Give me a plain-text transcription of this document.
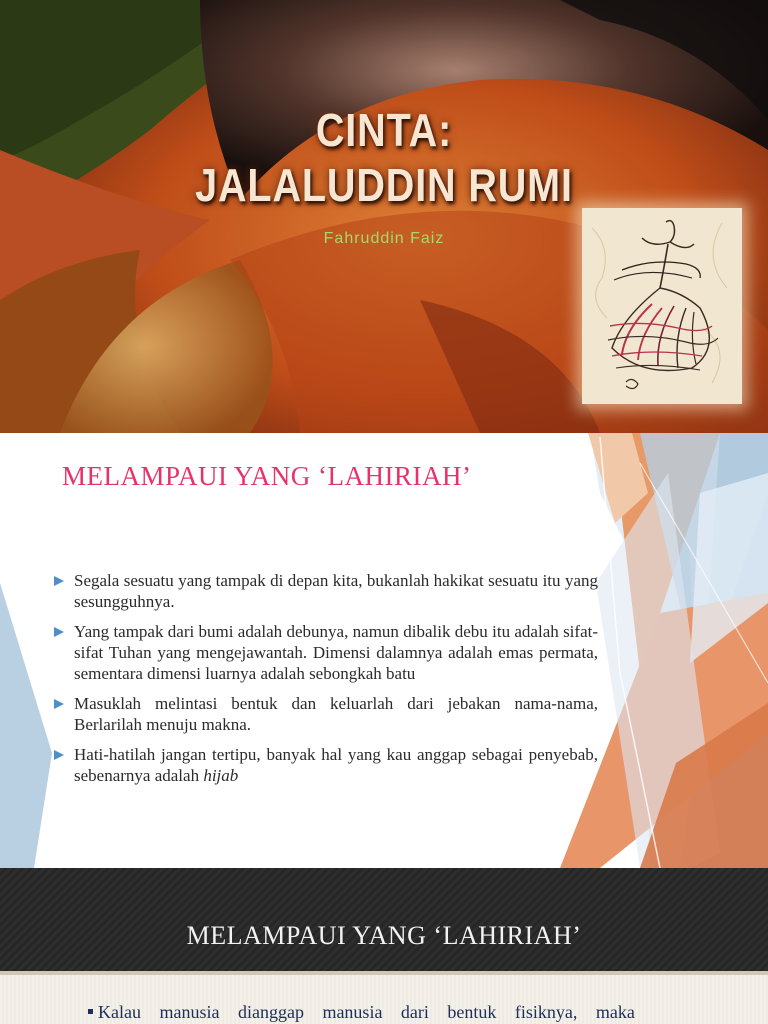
CINTA:
JALALUDDIN RUMI
Fahruddin Faiz
MELAMPAUI YANG ‘LAHIRIAH’
Segala sesuatu yang tampak di depan kita, bukanlah hakikat sesuatu itu yang sesungguhnya.
Yang tampak dari bumi adalah debunya, namun dibalik debu itu adalah sifat-sifat Tuhan yang mengejawantah. Dimensi dalamnya adalah emas permata, sementara dimensi luarnya adalah sebongkah batu
Masuklah melintasi bentuk dan keluarlah dari jebakan nama-nama, Berlarilah menuju makna.
Hati-hatilah jangan tertipu, banyak hal yang kau anggap sebagai penyebab, sebenarnya adalah hijab
MELAMPAUI YANG ‘LAHIRIAH’
Kalau manusia dianggap manusia dari bentuk fisiknya, maka
